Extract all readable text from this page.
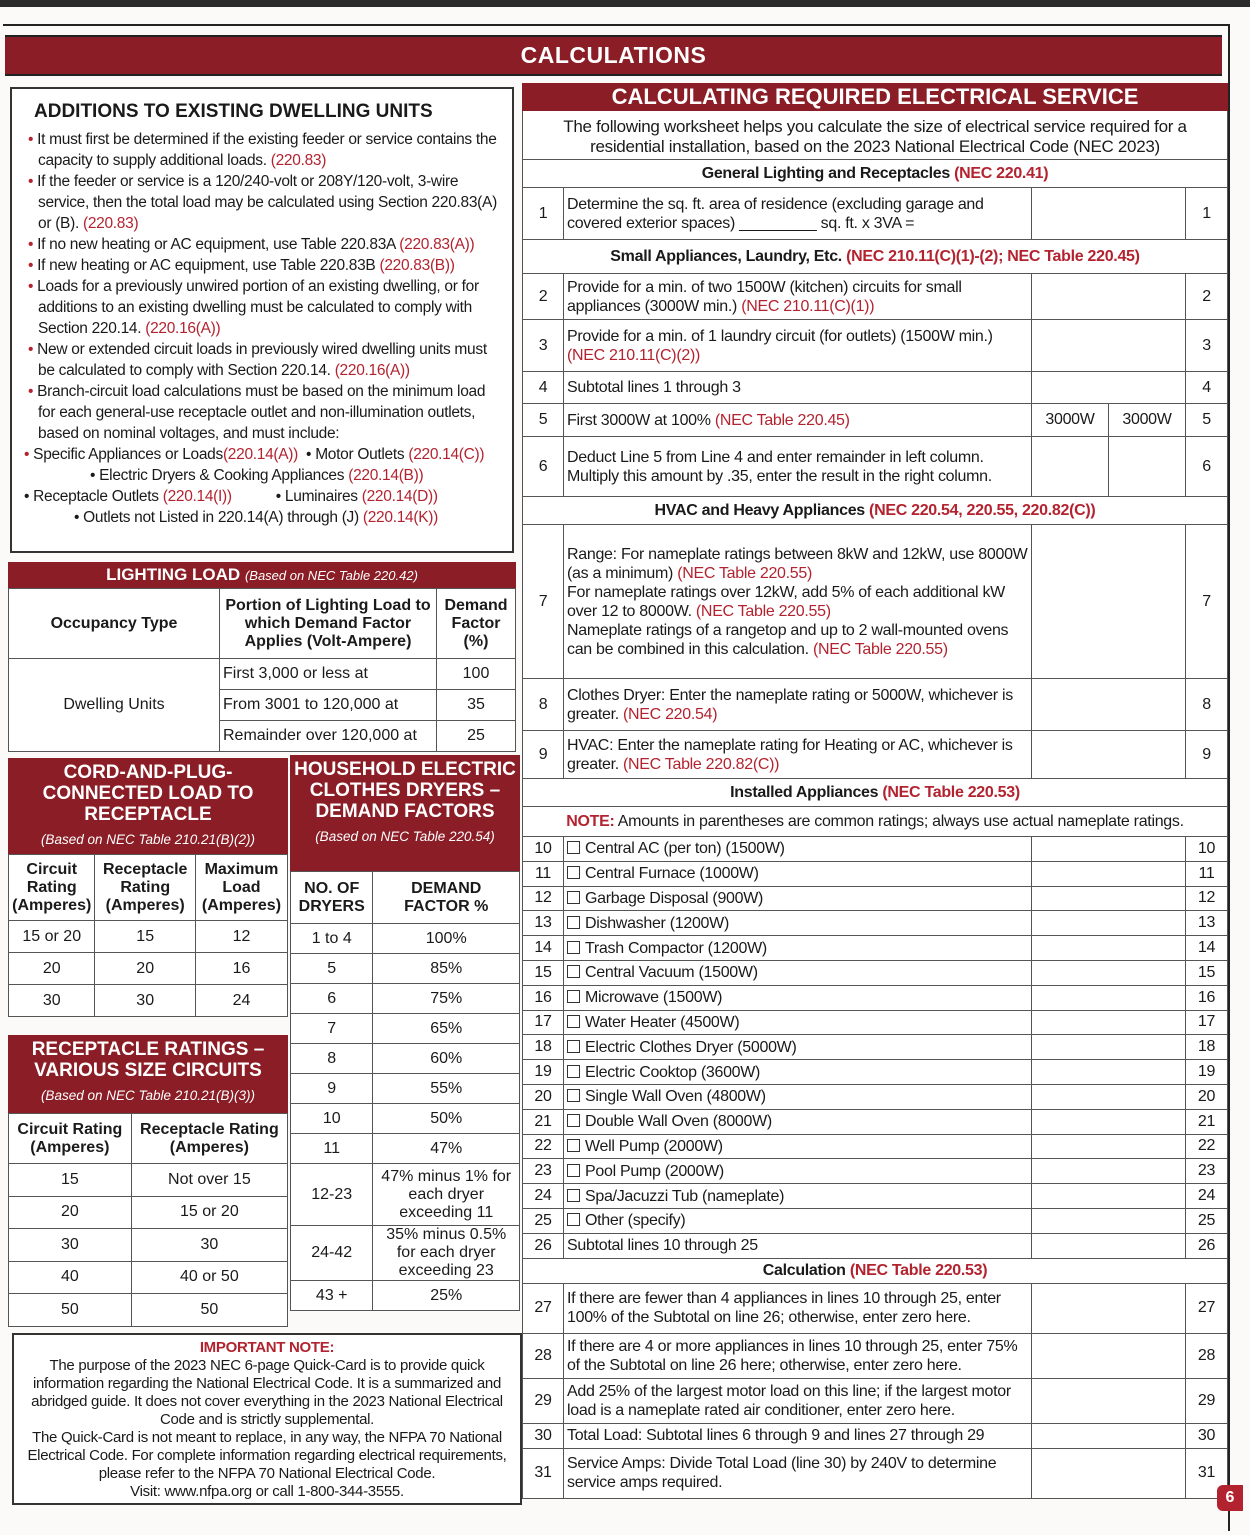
CALCULATIONS
ADDITIONS TO EXISTING DWELLING UNITS
• It must first be determined if the existing feeder or service contains the capacity to supply additional loads. (220.83)
• If the feeder or service is a 120/240-volt or 208Y/120-volt, 3-wire service, then the total load may be calculated using Section 220.83(A) or (B). (220.83)
• If no new heating or AC equipment, use Table 220.83A (220.83(A))
• If new heating or AC equipment, use Table 220.83B (220.83(B))
• Loads for a previously unwired portion of an existing dwelling, or for additions to an existing dwelling must be calculated to comply with Section 220.14. (220.16(A))
• New or extended circuit loads in previously wired dwelling units must be calculated to comply with Section 220.14. (220.16(A))
• Branch-circuit load calculations must be based on the minimum load for each general-use receptacle outlet and non-illumination outlets, based on nominal voltages, and must include:
• Specific Appliances or Loads(220.14(A))  • Motor Outlets (220.14(C))
• Electric Dryers & Cooking Appliances (220.14(B))
• Receptacle Outlets (220.14(I))	• Luminaires (220.14(D))
• Outlets not Listed in 220.14(A) through (J) (220.14(K))
LIGHTING LOAD (Based on NEC Table 220.42)
Occupancy Type	Portion of Lighting Load to which Demand Factor Applies (Volt-Ampere)	Demand Factor (%)
Dwelling Units	First 3,000 or less at	100
	From 3001 to 120,000 at	35
	Remainder over 120,000 at	25
CORD-AND-PLUG-CONNECTED LOAD TO RECEPTACLE
(Based on NEC Table 210.21(B)(2))
Circuit Rating (Amperes)	Receptacle Rating (Amperes)	Maximum Load (Amperes)
15 or 20	15	12
20	20	16
30	30	24
RECEPTACLE RATINGS – VARIOUS SIZE CIRCUITS
(Based on NEC Table 210.21(B)(3))
Circuit Rating (Amperes)	Receptacle Rating (Amperes)
15	Not over 15
20	15 or 20
30	30
40	40 or 50
50	50
HOUSEHOLD ELECTRIC CLOTHES DRYERS – DEMAND FACTORS
(Based on NEC Table 220.54)
NO. OF DRYERS	DEMAND FACTOR %
1 to 4	100%
5	85%
6	75%
7	65%
8	60%
9	55%
10	50%
11	47%
12-23	47% minus 1% for each dryer exceeding 11
24-42	35% minus 0.5% for each dryer exceeding 23
43 +	25%
IMPORTANT NOTE:
The purpose of the 2023 NEC 6-page Quick-Card is to provide quick information regarding the National Electrical Code. It is a summarized and abridged guide. It does not cover everything in the 2023 National Electrical Code and is strictly supplemental.
The Quick-Card is not meant to replace, in any way, the NFPA 70 National Electrical Code. For complete information regarding electrical requirements, please refer to the NFPA 70 National Electrical Code.
Visit: www.nfpa.org or call 1-800-344-3555.
CALCULATING REQUIRED ELECTRICAL SERVICE
The following worksheet helps you calculate the size of electrical service required for a residential installation, based on the 2023 National Electrical Code (NEC 2023)
General Lighting and Receptacles (NEC 220.41)				
1	Determine the sq. ft. area of residence (excluding garage and covered exterior spaces) _________ sq. ft. x 3VA =			1
Small Appliances, Laundry, Etc. (NEC 210.11(C)(1)-(2); NEC Table 220.45)				
2	Provide for a min. of two 1500W (kitchen) circuits for small appliances (3000W min.) (NEC 210.11(C)(1))			2
3	Provide for a min. of 1 laundry circuit (for outlets) (1500W min.) (NEC 210.11(C)(2))			3
4	Subtotal lines 1 through 3			4
5	First 3000W at 100% (NEC Table 220.45)	3000W	3000W	5
6	Deduct Line 5 from Line 4 and enter remainder in left column. Multiply this amount by .35, enter the result in the right column.			6
HVAC and Heavy Appliances (NEC 220.54, 220.55, 220.82(C))				
7	Range: For nameplate ratings between 8kW and 12kW, use 8000W (as a minimum) (NEC Table 220.55)
For nameplate ratings over 12kW, add 5% of each additional kW over 12 to 8000W. (NEC Table 220.55)
Nameplate ratings of a rangetop and up to 2 wall-mounted ovens can be combined in this calculation. (NEC Table 220.55)			7
8	Clothes Dryer: Enter the nameplate rating or 5000W, whichever is greater. (NEC 220.54)			8
9	HVAC: Enter the nameplate rating for Heating or AC, whichever is greater. (NEC Table 220.82(C))			9
Installed Appliances (NEC Table 220.53)				
NOTE: Amounts in parentheses are common ratings; always use actual nameplate ratings.				
10	Central AC (per ton) (1500W)			10
11	Central Furnace (1000W)			11
12	Garbage Disposal (900W)			12
13	Dishwasher (1200W)			13
14	Trash Compactor (1200W)			14
15	Central Vacuum (1500W)			15
16	Microwave (1500W)			16
17	Water Heater (4500W)			17
18	Electric Clothes Dryer (5000W)			18
19	Electric Cooktop (3600W)			19
20	Single Wall Oven (4800W)			20
21	Double Wall Oven (8000W)			21
22	Well Pump (2000W)			22
23	Pool Pump (2000W)			23
24	Spa/Jacuzzi Tub (nameplate)			24
25	Other (specify)			25
26	Subtotal lines 10 through 25			26
Calculation (NEC Table 220.53)				
27	If there are fewer than 4 appliances in lines 10 through 25, enter 100% of the Subtotal on line 26; otherwise, enter zero here.			27
28	If there are 4 or more appliances in lines 10 through 25, enter 75% of the Subtotal on line 26 here; otherwise, enter zero here.			28
29	Add 25% of the largest motor load on this line; if the largest motor load is a nameplate rated air conditioner, enter zero here.			29
30	Total Load: Subtotal lines 6 through 9 and lines 27 through 29			30
31	Service Amps: Divide Total Load (line 30) by 240V to determine service amps required.			31
6
